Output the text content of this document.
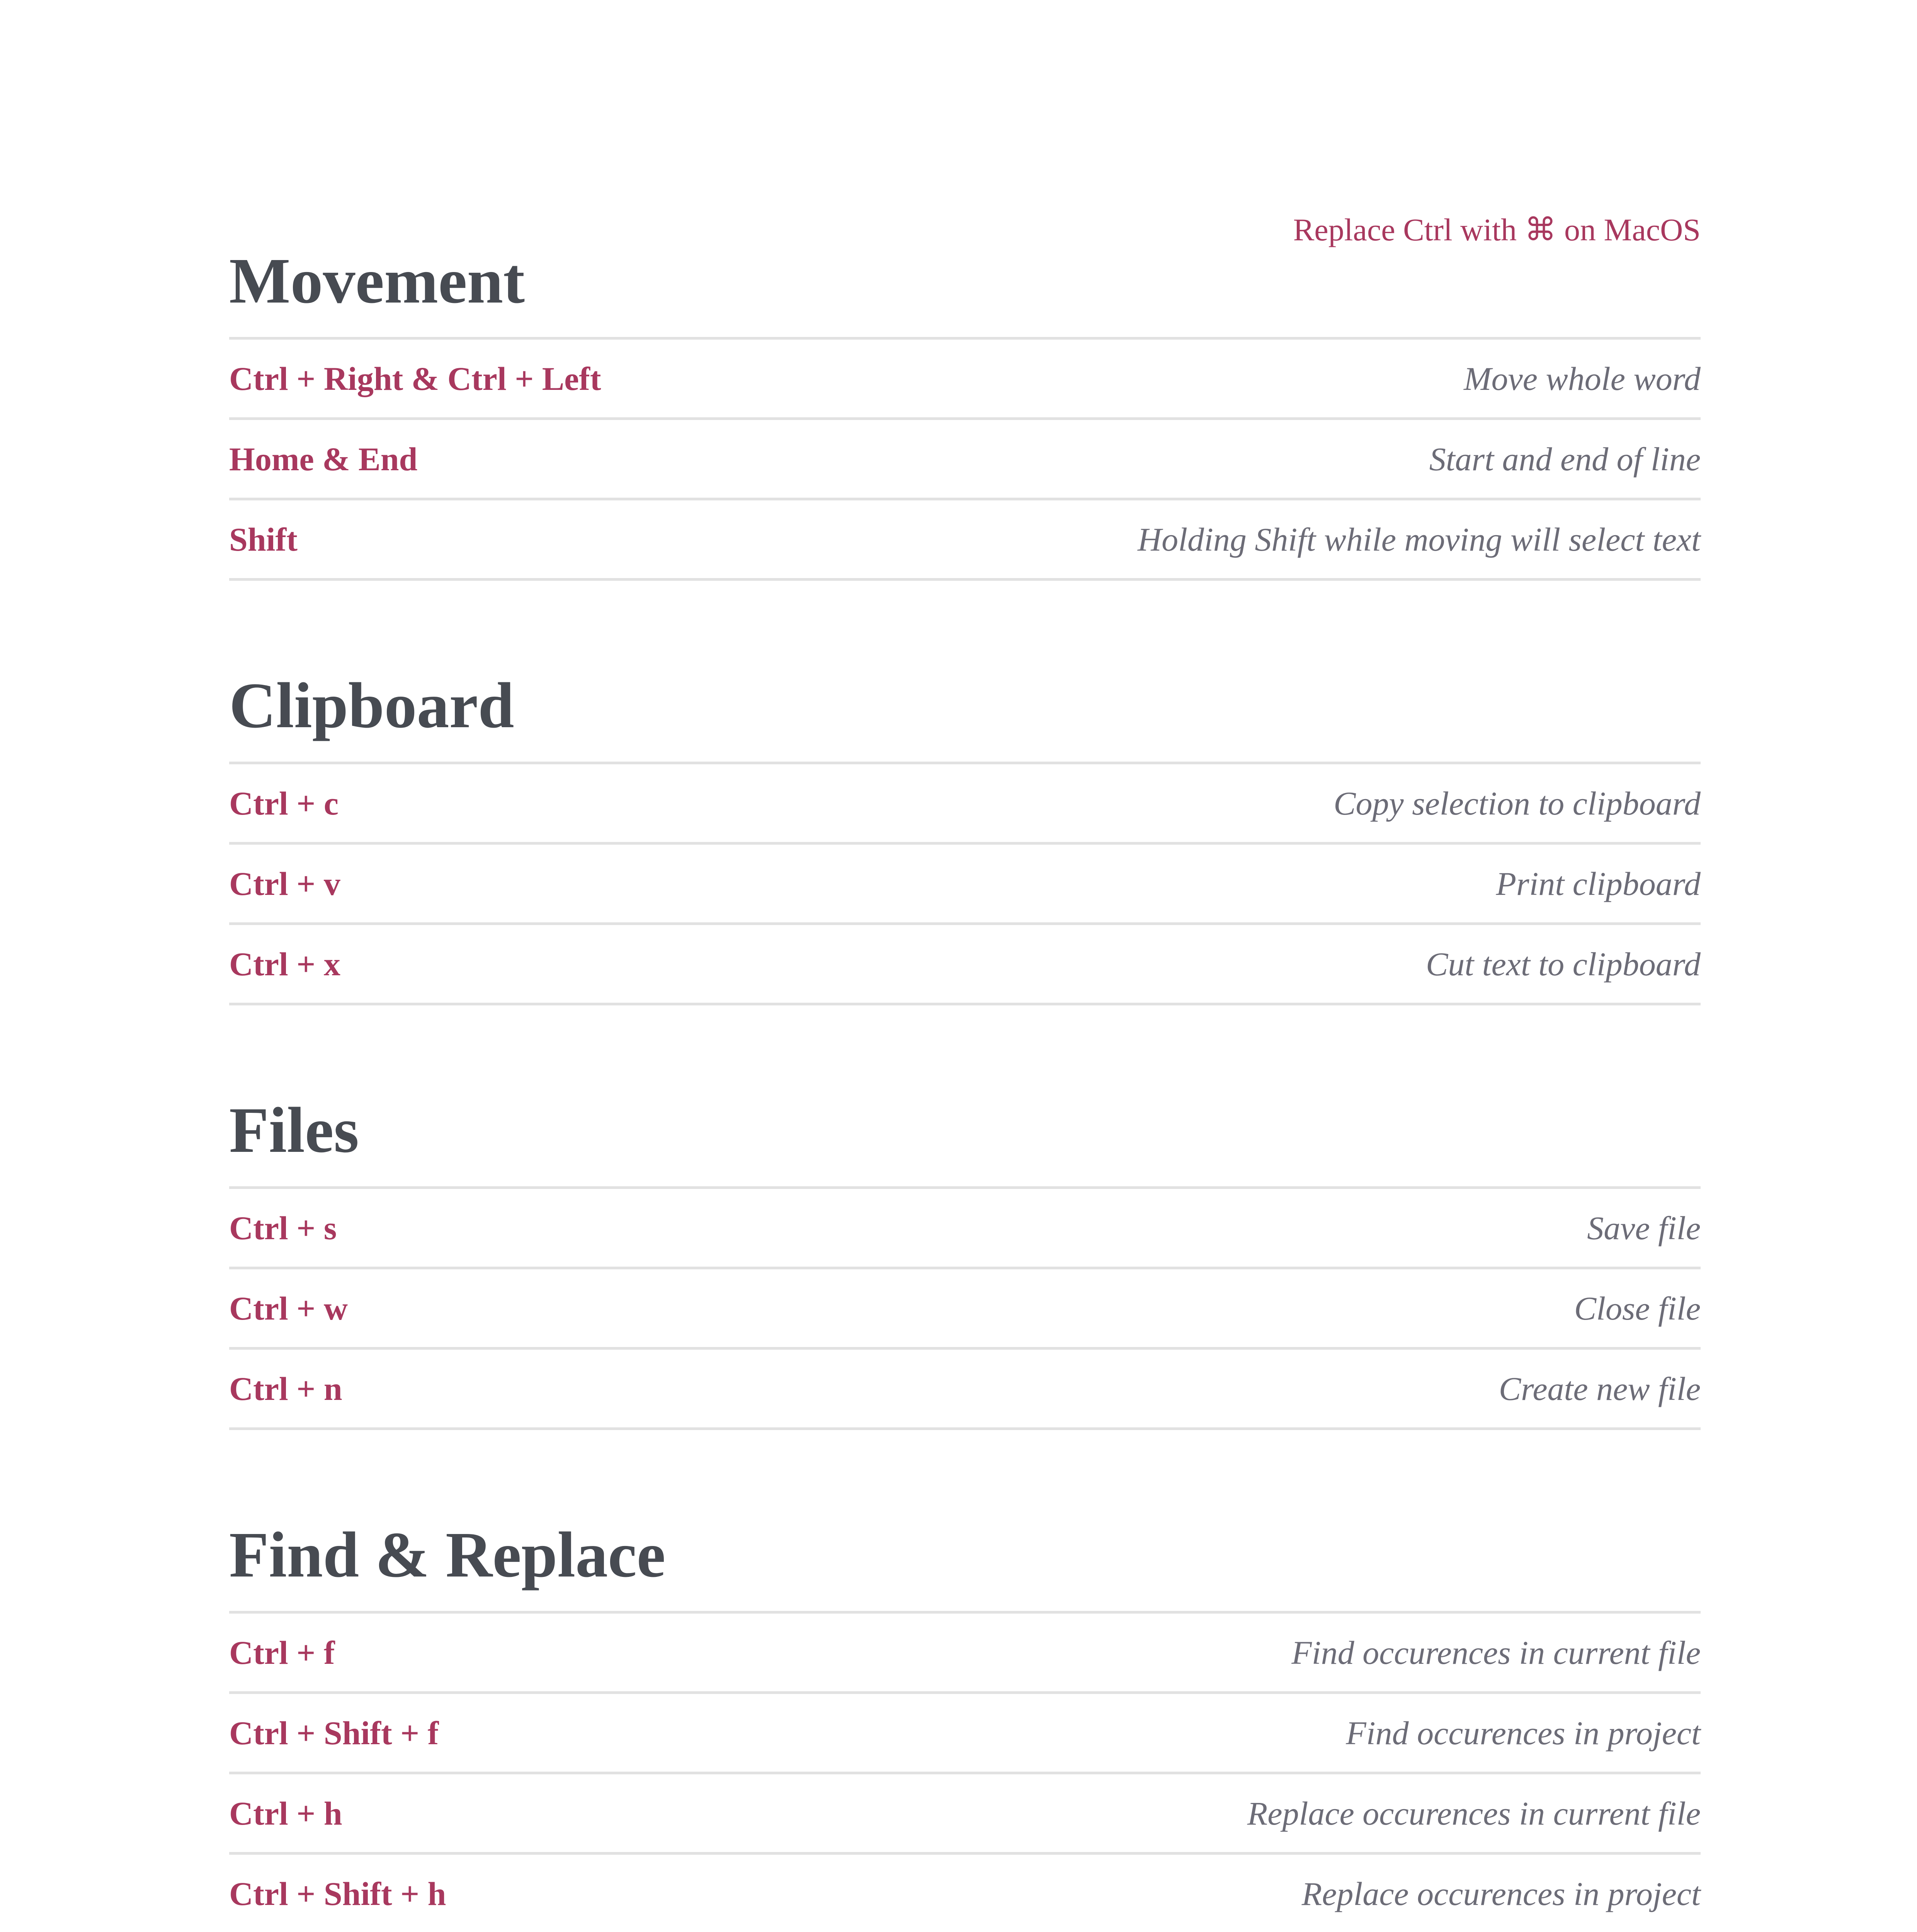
Replace Ctrl with ⌘ on MacOS
Movement
Ctrl + Right & Ctrl + Left	Move whole word
Home & End	Start and end of line
Shift	Holding Shift while moving will select text
Clipboard
Ctrl + c	Copy selection to clipboard
Ctrl + v	Print clipboard
Ctrl + x	Cut text to clipboard
Files
Ctrl + s	Save file
Ctrl + w	Close file
Ctrl + n	Create new file
Find & Replace
Ctrl + f	Find occurences in current file
Ctrl + Shift + f	Find occurences in project
Ctrl + h	Replace occurences in current file
Ctrl + Shift + h	Replace occurences in project
